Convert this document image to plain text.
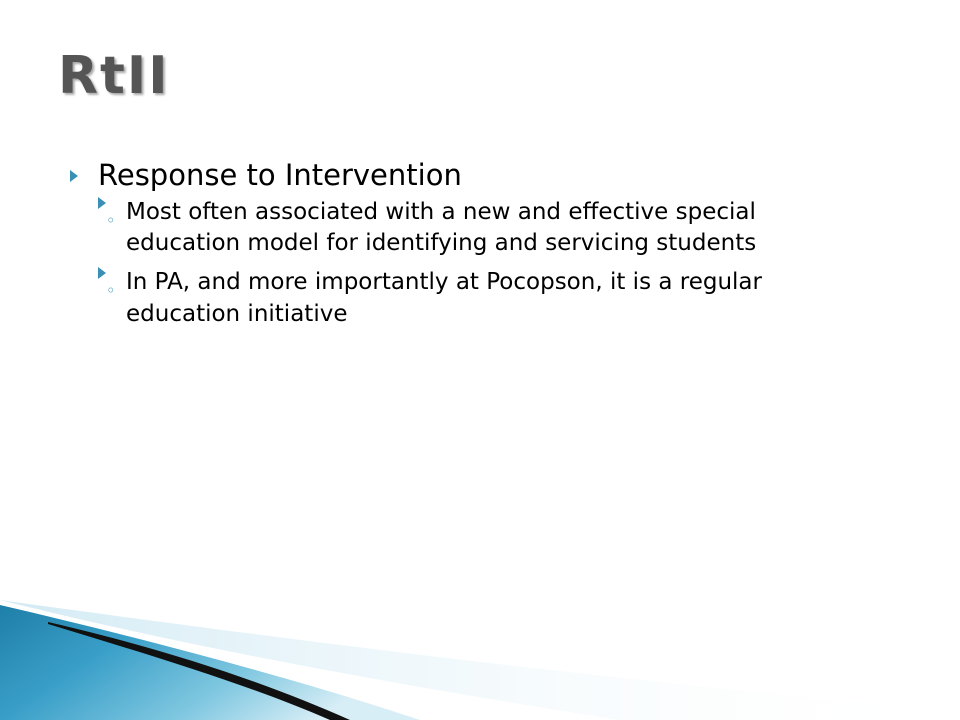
RtII
Response to Intervention
◦ Most often associated with a new and effective special education model for identifying and servicing students
◦ In PA, and more importantly at Pocopson, it is a regular education initiative
